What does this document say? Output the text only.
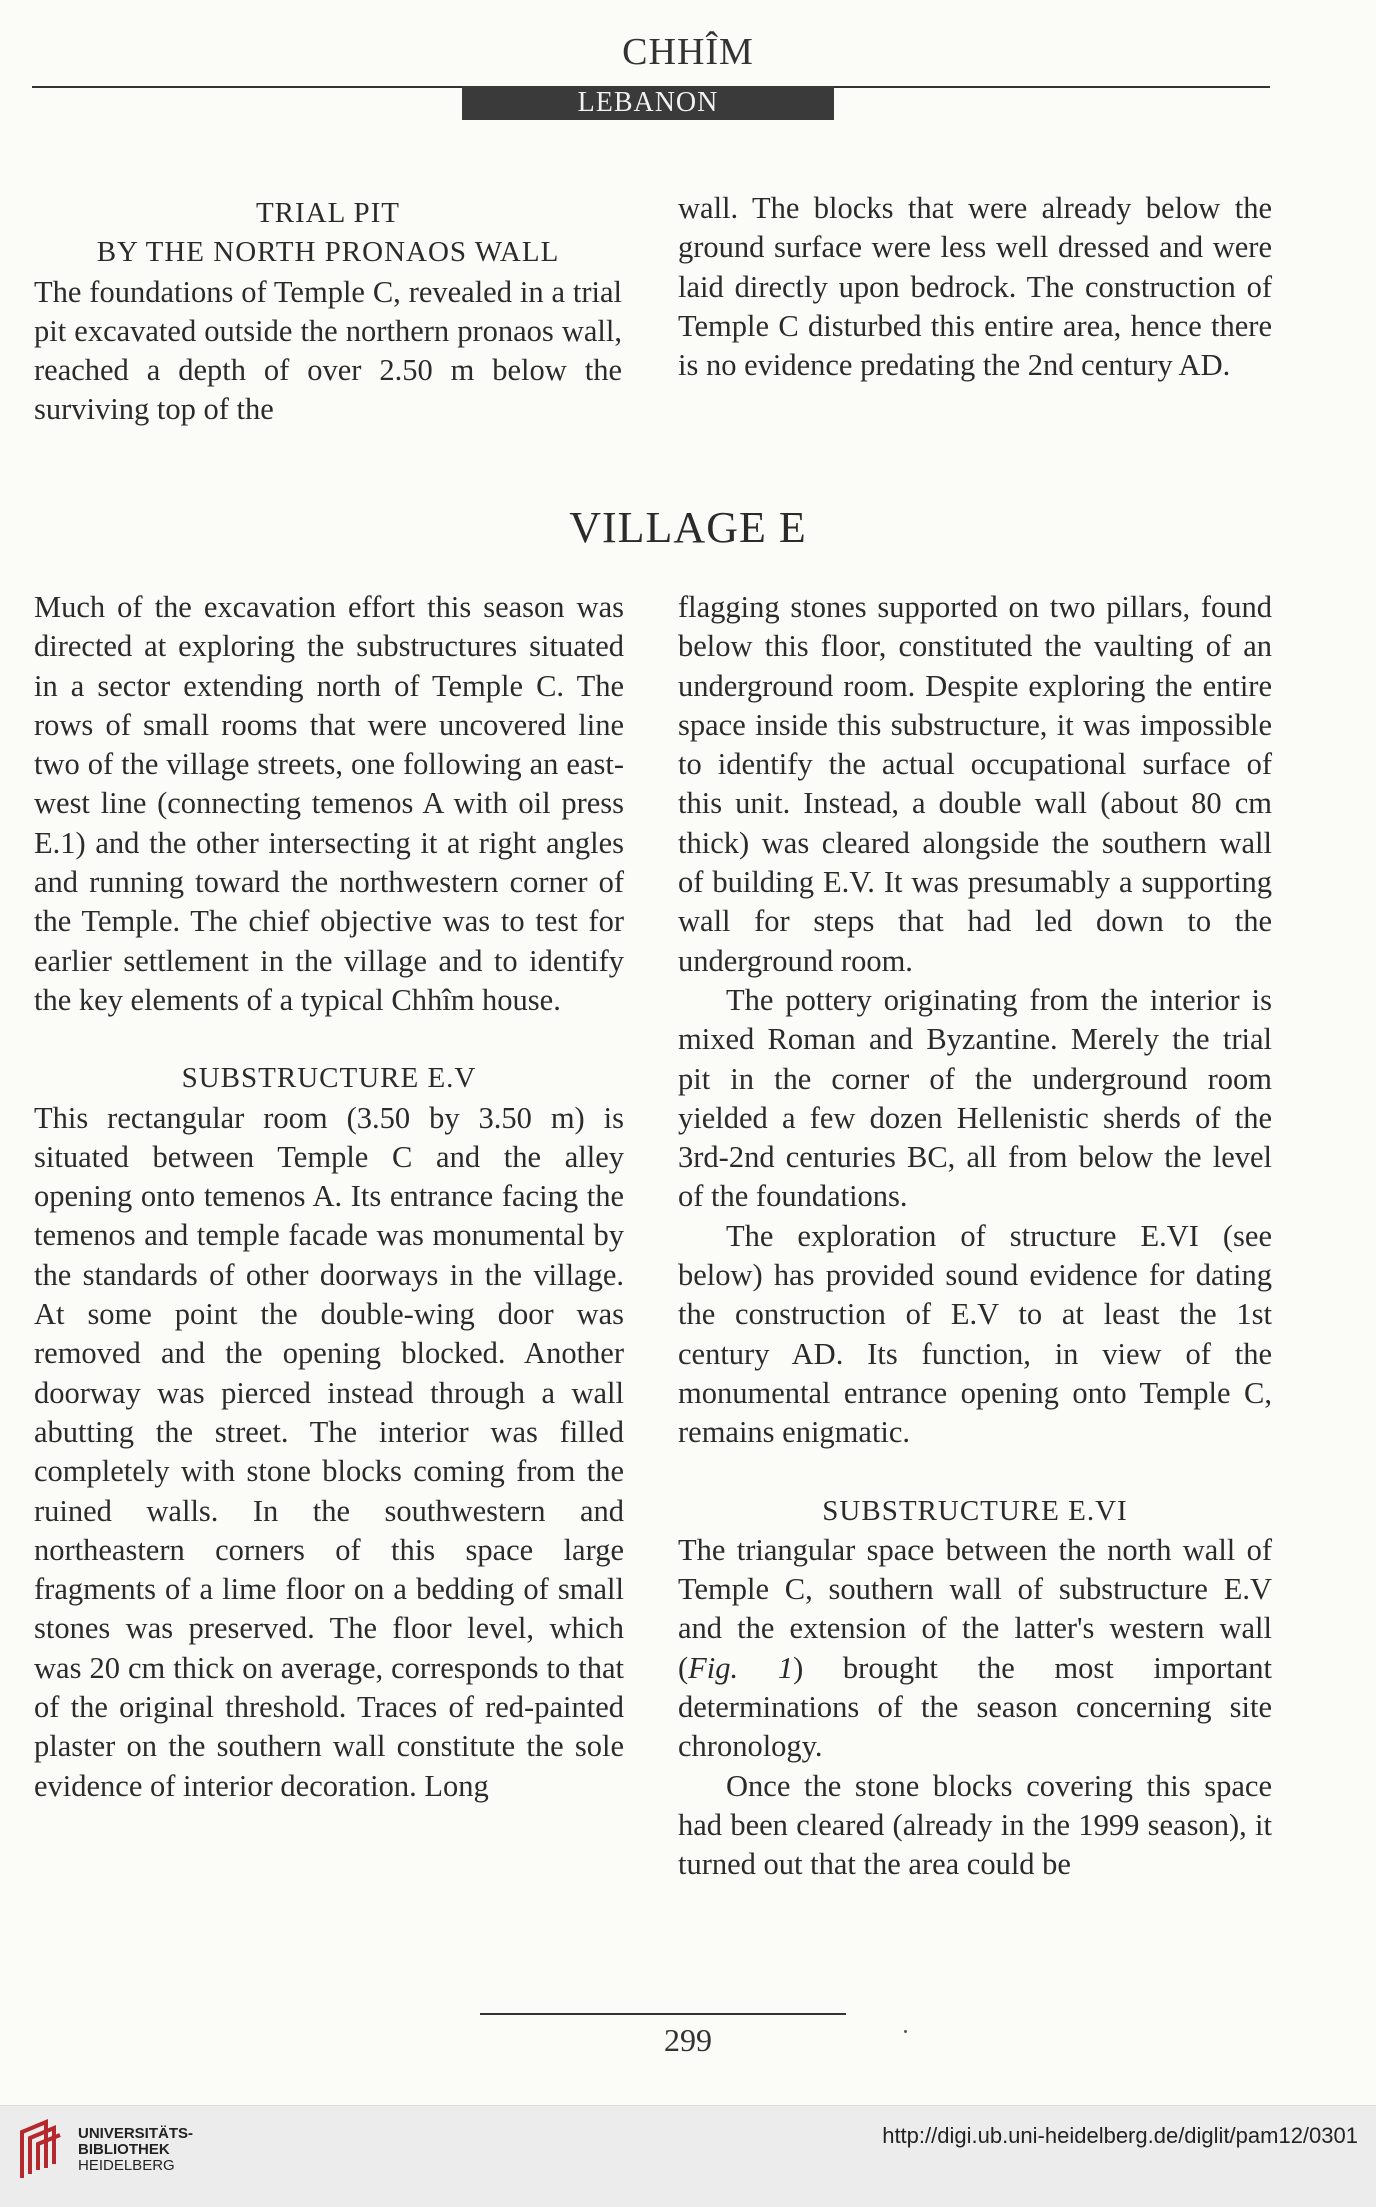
CHHÎM
LEBANON

TRIAL PIT

BY THE NORTH PRONAOS WALL

The foundations of Temple C, revealed in a trial pit excavated outside the northern pronaos wall, reached a depth of over 2.50 m below the surviving top of the

wall. The blocks that were already below the ground surface were less well dressed and were laid directly upon bedrock. The construction of Temple C disturbed this entire area, hence there is no evidence predating the 2nd century AD.

VILLAGE E

Much of the excavation effort this season was directed at exploring the substructures situated in a sector extending north of Temple C. The rows of small rooms that were uncovered line two of the village streets, one following an east-west line (connecting temenos A with oil press E.1) and the other intersecting it at right angles and running toward the northwestern corner of the Temple. The chief objective was to test for earlier settlement in the village and to identify the key elements of a typical Chhîm house.

SUBSTRUCTURE E.V

This rectangular room (3.50 by 3.50 m) is situated between Temple C and the alley opening onto temenos A. Its entrance facing the temenos and temple facade was monumental by the standards of other doorways in the village. At some point the double-wing door was removed and the opening blocked. Another doorway was pierced instead through a wall abutting the street. The interior was filled completely with stone blocks coming from the ruined walls. In the southwestern and northeastern corners of this space large fragments of a lime floor on a bedding of small stones was preserved. The floor level, which was 20 cm thick on average, corresponds to that of the original threshold. Traces of red-painted plaster on the southern wall constitute the sole evidence of interior decoration. Long

flagging stones supported on two pillars, found below this floor, constituted the vaulting of an underground room. Despite exploring the entire space inside this substructure, it was impossible to identify the actual occupational surface of this unit. Instead, a double wall (about 80 cm thick) was cleared alongside the southern wall of building E.V. It was presumably a supporting wall for steps that had led down to the underground room.

The pottery originating from the interior is mixed Roman and Byzantine. Merely the trial pit in the corner of the underground room yielded a few dozen Hellenistic sherds of the 3rd-2nd centuries BC, all from below the level of the foundations.

The exploration of structure E.VI (see below) has provided sound evidence for dating the construction of E.V to at least the 1st century AD. Its function, in view of the monumental entrance opening onto Temple C, remains enigmatic.

SUBSTRUCTURE E.VI

The triangular space between the north wall of Temple C, southern wall of substructure E.V and the extension of the latter's western wall (Fig. 1) brought the most important determinations of the season concerning site chronology.

Once the stone blocks covering this space had been cleared (already in the 1999 season), it turned out that the area could be

299
UNIVERSITÄTS-
BIBLIOTHEK
HEIDELBERG
http://digi.ub.uni-heidelberg.de/diglit/pam12/0301
